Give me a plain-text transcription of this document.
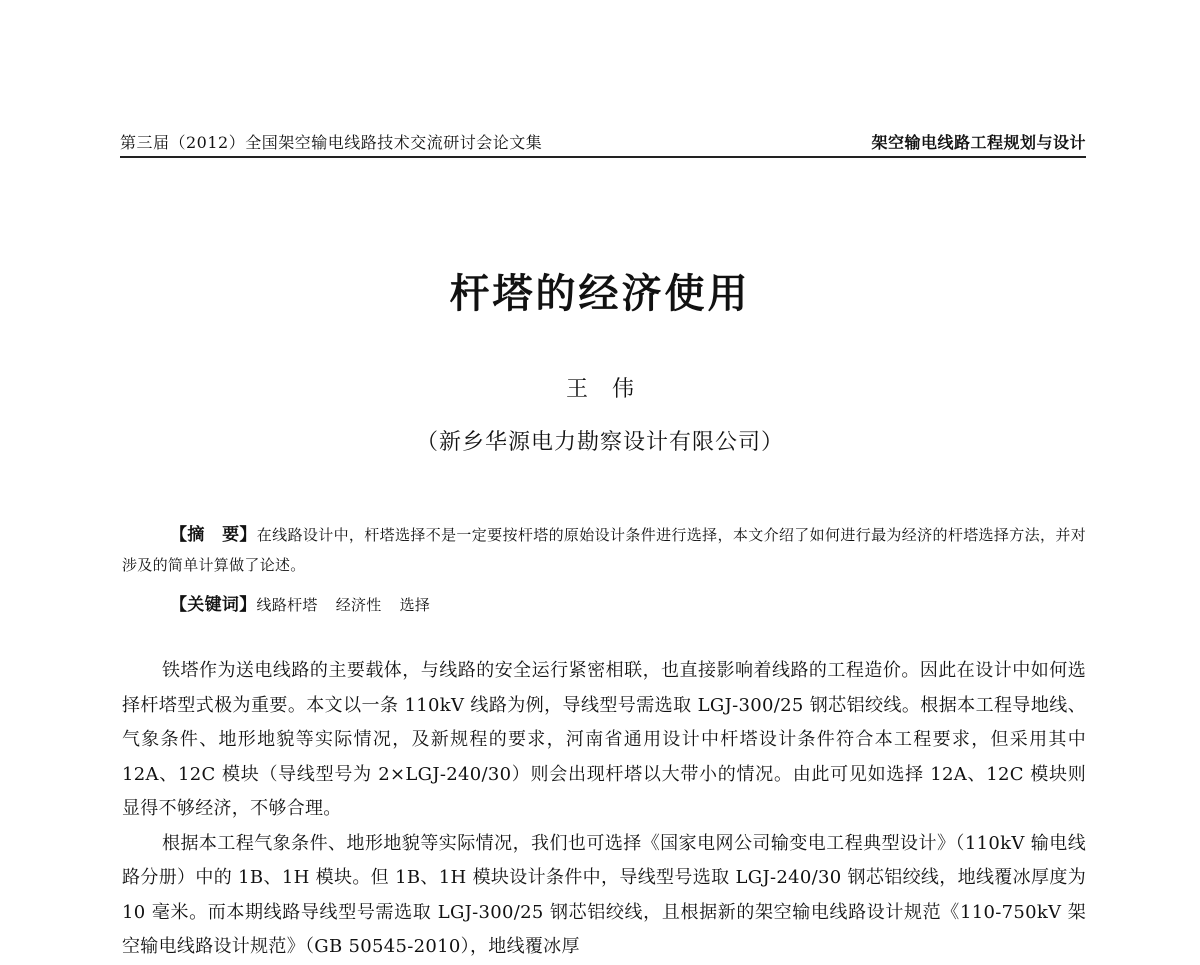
第三届（2012）全国架空输电线路技术交流研讨会论文集	架空输电线路工程规划与设计
杆塔的经济使用
王伟
（新乡华源电力勘察设计有限公司）

【摘　要】在线路设计中，杆塔选择不是一定要按杆塔的原始设计条件进行选择，本文介绍了如何进行最为经济的杆塔选择方法，并对涉及的简单计算做了论述。

【关键词】线路杆塔 经济性 选择

铁塔作为送电线路的主要载体，与线路的安全运行紧密相联，也直接影响着线路的工程造价。因此在设计中如何选择杆塔型式极为重要。本文以一条 110kV 线路为例，导线型号需选取 LGJ-300/25 钢芯铝绞线。根据本工程导地线、气象条件、地形地貌等实际情况，及新规程的要求，河南省通用设计中杆塔设计条件符合本工程要求，但采用其中 12A、12C 模块（导线型号为 2×LGJ-240/30）则会出现杆塔以大带小的情况。由此可见如选择 12A、12C 模块则显得不够经济，不够合理。

根据本工程气象条件、地形地貌等实际情况，我们也可选择《国家电网公司输变电工程典型设计》（110kV 输电线路分册）中的 1B、1H 模块。但 1B、1H 模块设计条件中，导线型号选取 LGJ-240/30 钢芯铝绞线，地线覆冰厚度为 10 毫米。而本期线路导线型号需选取 LGJ-300/25 钢芯铝绞线，且根据新的架空输电线路设计规范《110-750kV 架空输电线路设计规范》（GB 50545-2010），地线覆冰厚
